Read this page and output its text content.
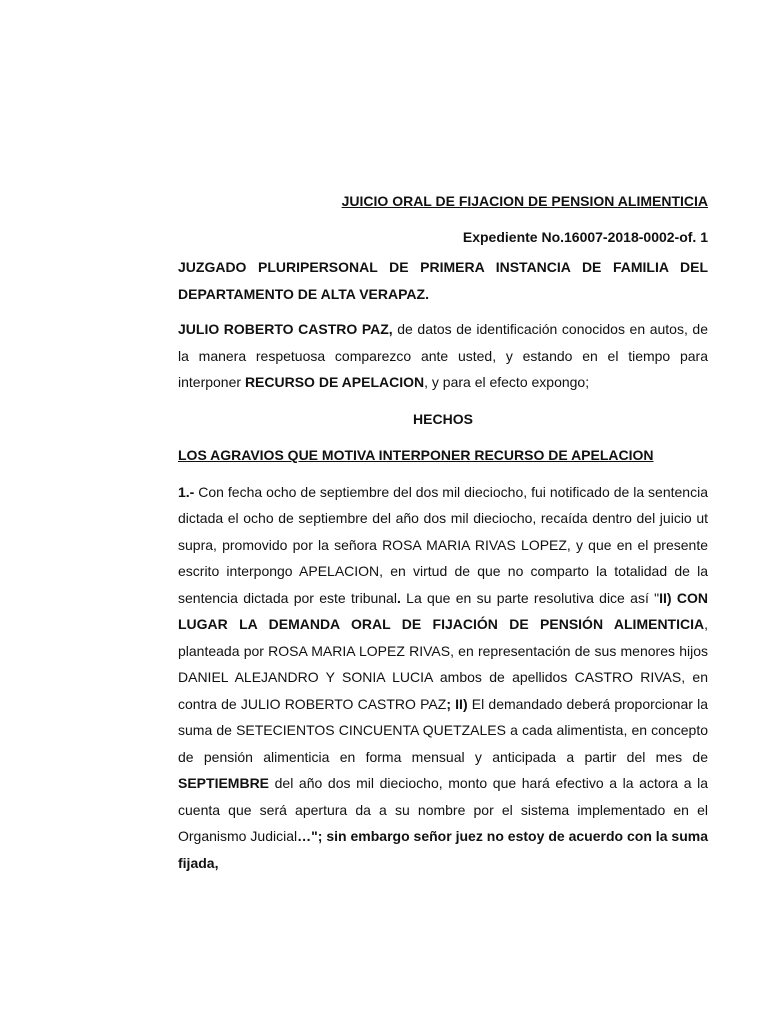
JUICIO ORAL DE FIJACION DE PENSION ALIMENTICIA
Expediente No.16007-2018-0002-of. 1
JUZGADO PLURIPERSONAL DE PRIMERA INSTANCIA DE FAMILIA DEL
DEPARTAMENTO DE ALTA VERAPAZ.

JULIO ROBERTO CASTRO PAZ, de datos de identificación conocidos en autos, de la manera respetuosa comparezco ante usted, y estando en el tiempo para interponer RECURSO DE APELACION, y para el efecto expongo;

HECHOS
LOS AGRAVIOS QUE MOTIVA INTERPONER RECURSO DE APELACION

1.- Con fecha ocho de septiembre del dos mil dieciocho, fui notificado de la sentencia dictada el ocho de septiembre del año dos mil dieciocho, recaída dentro del juicio ut supra, promovido por la señora ROSA MARIA RIVAS LOPEZ, y que en el presente escrito interpongo APELACION, en virtud de que no comparto la totalidad de la sentencia dictada por este tribunal. La que en su parte resolutiva dice así "II) CON LUGAR LA DEMANDA ORAL DE FIJACIÓN DE PENSIÓN ALIMENTICIA, planteada por ROSA MARIA LOPEZ RIVAS, en representación de sus menores hijos DANIEL ALEJANDRO Y SONIA LUCIA ambos de apellidos CASTRO RIVAS, en contra de JULIO ROBERTO CASTRO PAZ; II) El demandado deberá proporcionar la suma de SETECIENTOS CINCUENTA QUETZALES a cada alimentista, en concepto de pensión alimenticia en forma mensual y anticipada a partir del mes de SEPTIEMBRE del año dos mil dieciocho, monto que hará efectivo a la actora a la cuenta que será apertura da a su nombre por el sistema implementado en el Organismo Judicial…"; sin embargo señor juez no estoy de acuerdo con la suma fijada,
